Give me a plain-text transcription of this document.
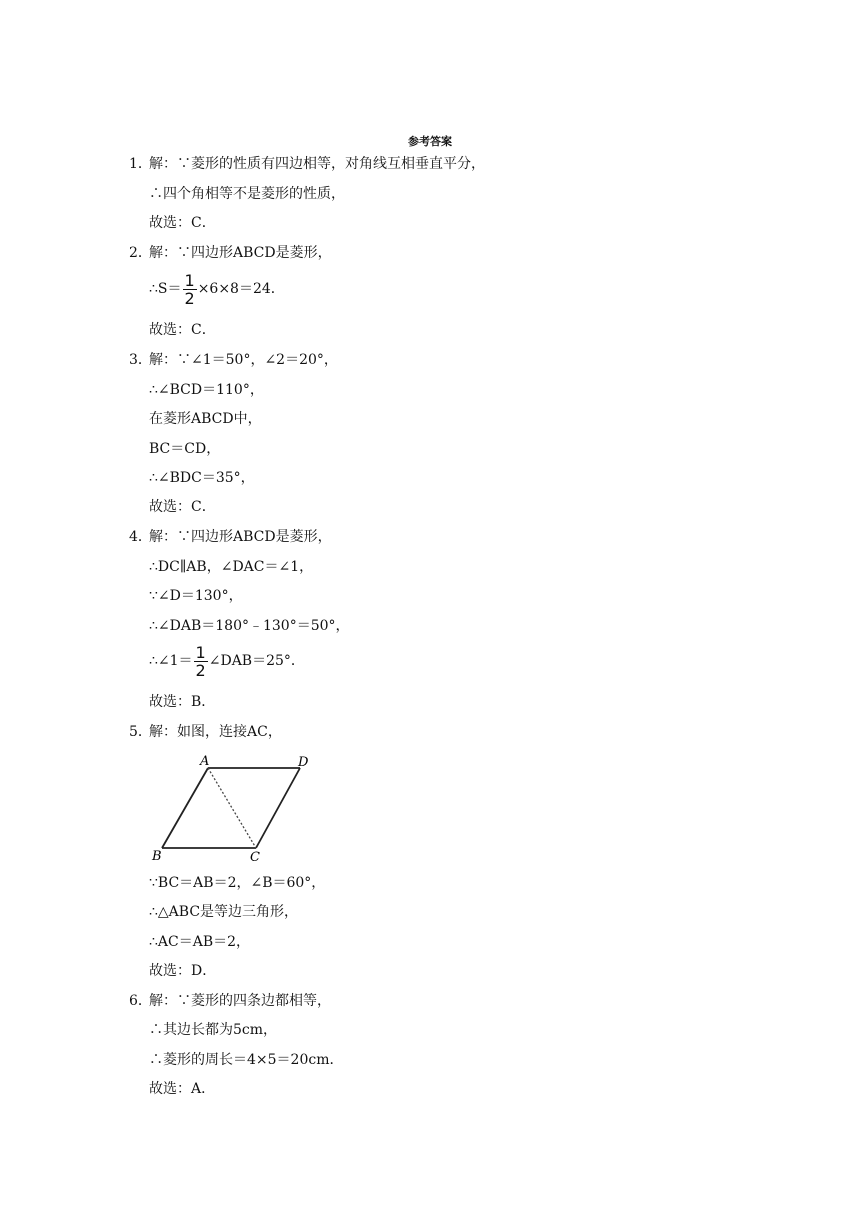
参考答案
1．
解：∵菱形的性质有四边相等，对角线互相垂直平分，
∴四个角相等不是菱形的性质，
故选：C．
2．
解：∵四边形ABCD是菱形，
∴S＝ $\frac{1}{2} \times 6\times 8=24$．
故选：C．
3．
解：∵∠1＝50°，∠2＝20°，
∴∠BCD＝110°，
在菱形ABCD中，
BC＝CD，
∴∠BDC＝35°，
故选：C．
4．
解：∵四边形ABCD是菱形，
∴DC∥AB，∠DAC＝∠1，
∵∠D＝130°，
∴∠DAB＝180°﹣130°＝50°，
∴∠1＝ $\frac{1}{2}$ ∠DAB＝25°．
故选：B．
5．
解：如图，连接AC，
A	D
B	C
∵BC＝AB＝2，∠B＝60°，
∴△ABC是等边三角形，
∴AC＝AB＝2，
故选：D．
6．
解：∵菱形的四条边都相等，
∴其边长都为5cm，
∴菱形的周长＝4×5＝20cm．
故选：A．
